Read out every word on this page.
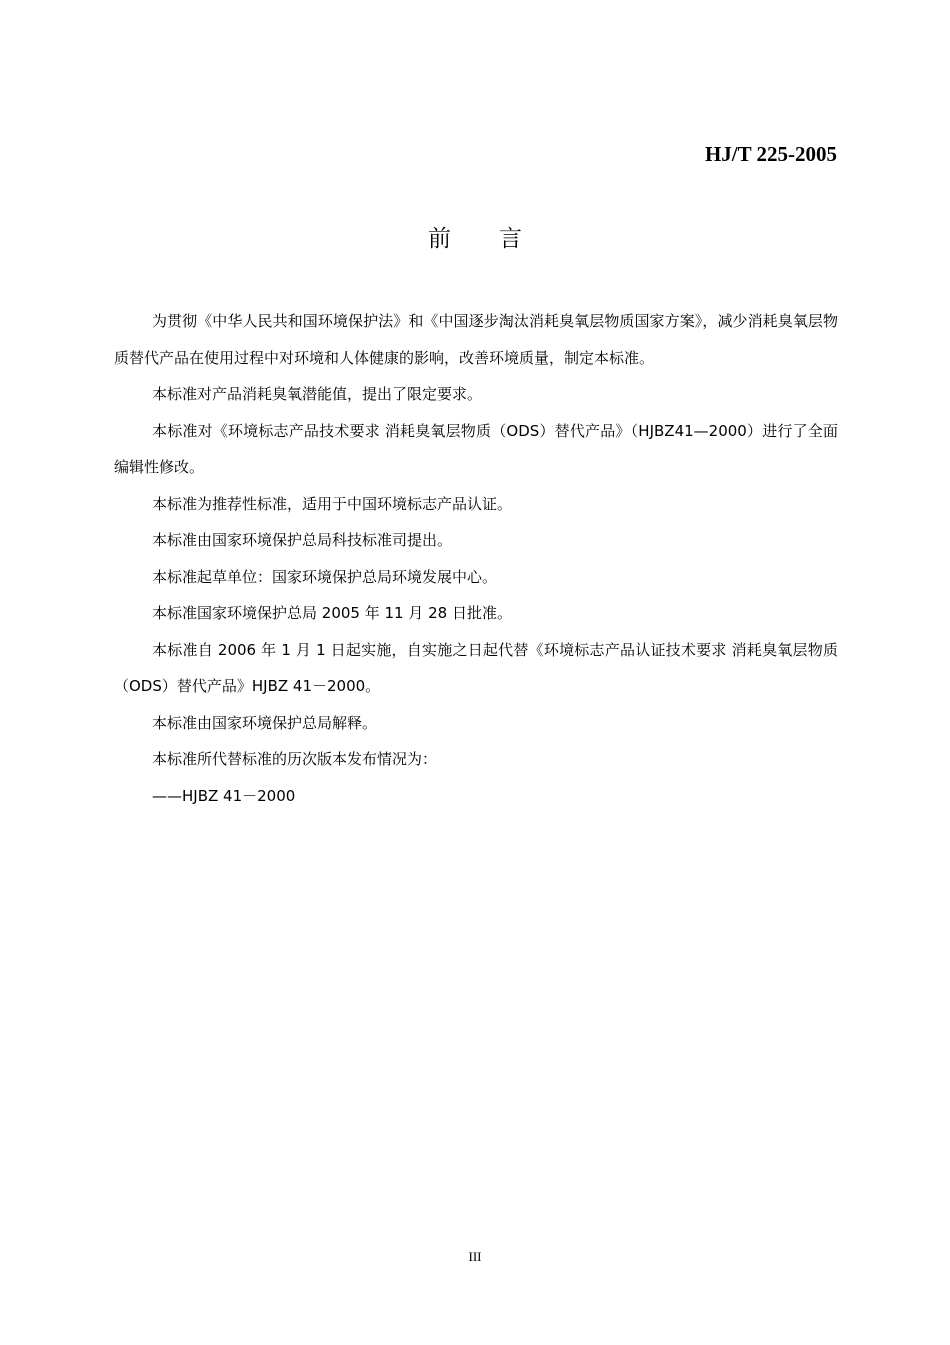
HJ/T 225-2005
前言

为贯彻《中华人民共和国环境保护法》和《中国逐步淘汰消耗臭氧层物质国家方案》，减少消耗臭氧层物质替代产品在使用过程中对环境和人体健康的影响，改善环境质量，制定本标准。

本标准对产品消耗臭氧潜能值，提出了限定要求。

本标准对《环境标志产品技术要求 消耗臭氧层物质（ODS）替代产品》（HJBZ41—2000）进行了全面编辑性修改。

本标准为推荐性标准，适用于中国环境标志产品认证。

本标准由国家环境保护总局科技标准司提出。

本标准起草单位：国家环境保护总局环境发展中心。

本标准国家环境保护总局 2005 年 11 月 28 日批准。

本标准自 2006 年 1 月 1 日起实施，自实施之日起代替《环境标志产品认证技术要求 消耗臭氧层物质（ODS）替代产品》HJBZ 41－2000。

本标准由国家环境保护总局解释。

本标准所代替标准的历次版本发布情况为：

——HJBZ 41－2000

III
